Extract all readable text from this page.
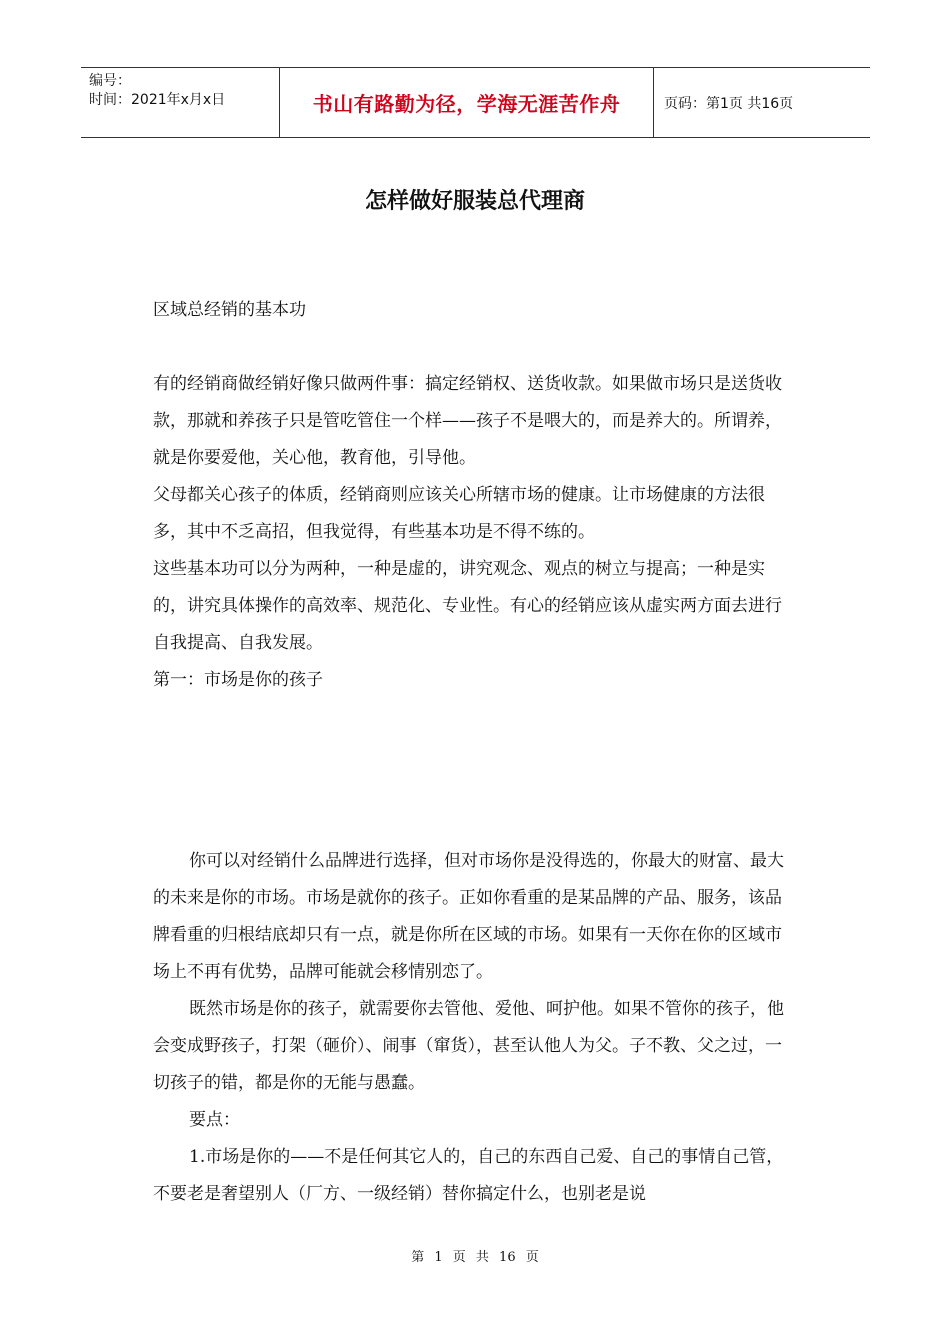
编号：
时间：2021年x月x日	书山有路勤为径，学海无涯苦作舟	页码：第1页 共16页
怎样做好服装总代理商

区域总经销的基本功

有的经销商做经销好像只做两件事：搞定经销权、送货收款。如果做市场只是送货收款，那就和养孩子只是管吃管住一个样——孩子不是喂大的，而是养大的。所谓养，就是你要爱他，关心他，教育他，引导他。

父母都关心孩子的体质，经销商则应该关心所辖市场的健康。让市场健康的方法很多，其中不乏高招，但我觉得，有些基本功是不得不练的。

这些基本功可以分为两种，一种是虚的，讲究观念、观点的树立与提高；一种是实的，讲究具体操作的高效率、规范化、专业性。有心的经销应该从虚实两方面去进行自我提高、自我发展。

第一：市场是你的孩子

你可以对经销什么品牌进行选择，但对市场你是没得选的，你最大的财富、最大的未来是你的市场。市场是就你的孩子。正如你看重的是某品牌的产品、服务，该品牌看重的归根结底却只有一点，就是你所在区域的市场。如果有一天你在你的区域市场上不再有优势，品牌可能就会移情别恋了。

既然市场是你的孩子，就需要你去管他、爱他、呵护他。如果不管你的孩子，他会变成野孩子，打架（砸价）、闹事（窜货），甚至认他人为父。子不教、父之过，一切孩子的错，都是你的无能与愚蠢。

要点：

1.市场是你的——不是任何其它人的，自己的东西自己爱、自己的事情自己管，不要老是奢望别人（厂方、一级经销）替你搞定什么，也别老是说

第 1 页 共 16 页
